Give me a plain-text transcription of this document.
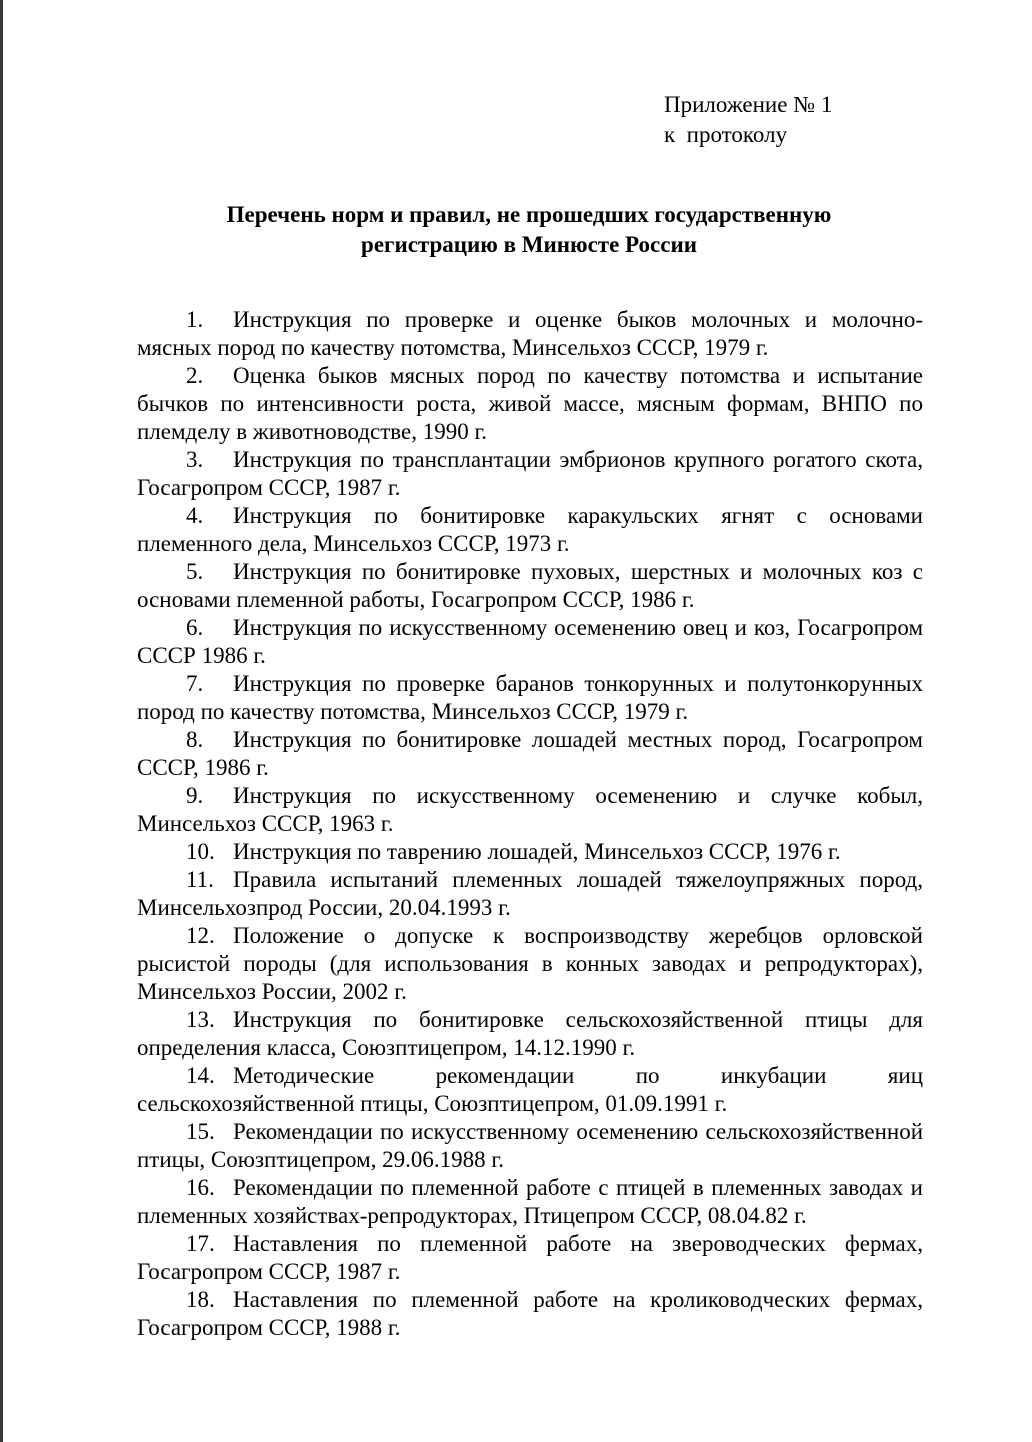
Приложение № 1
к  протоколу
Перечень норм и правил, не прошедших государственную
регистрацию в Минюсте России

1. Инструкция по проверке и оценке быков молочных и молочно-мясных пород по качеству потомства, Минсельхоз СССР, 1979 г.

2. Оценка быков мясных пород по качеству потомства и испытание бычков по интенсивности роста, живой массе, мясным формам, ВНПО по племделу в животноводстве, 1990 г.

3. Инструкция по трансплантации эмбрионов крупного рогатого скота, Госагропром СССР, 1987 г.

4. Инструкция по бонитировке каракульских ягнят с основами племенного дела, Минсельхоз СССР, 1973 г.

5. Инструкция по бонитировке пуховых, шерстных и молочных коз с основами племенной работы, Госагропром СССР, 1986 г.

6. Инструкция по искусственному осеменению овец и коз, Госагропром СССР 1986 г.

7. Инструкция по проверке баранов тонкорунных и полутонкорунных пород по качеству потомства, Минсельхоз СССР, 1979 г.

8. Инструкция по бонитировке лошадей местных пород, Госагропром СССР, 1986 г.

9. Инструкция по искусственному осеменению и случке кобыл, Минсельхоз СССР, 1963 г.

10. Инструкция по таврению лошадей, Минсельхоз СССР, 1976 г.

11. Правила испытаний племенных лошадей тяжелоупряжных пород, Минсельхозпрод России, 20.04.1993 г.

12. Положение о допуске к воспроизводству жеребцов орловской рысистой породы (для использования в конных заводах и репродукторах), Минсельхоз России, 2002 г.

13. Инструкция по бонитировке сельскохозяйственной птицы для определения класса, Союзптицепром, 14.12.1990 г.

14. Методические рекомендации по инкубации яиц сельскохозяйственной птицы, Союзптицепром, 01.09.1991 г.

15. Рекомендации по искусственному осеменению сельскохозяйственной птицы, Союзптицепром, 29.06.1988 г.

16. Рекомендации по племенной работе с птицей в племенных заводах и племенных хозяйствах-репродукторах, Птицепром СССР, 08.04.82 г.

17. Наставления по племенной работе на звероводческих фермах, Госагропром СССР, 1987 г.

18. Наставления по племенной работе на кролиководческих фермах, Госагропром СССР, 1988 г.
